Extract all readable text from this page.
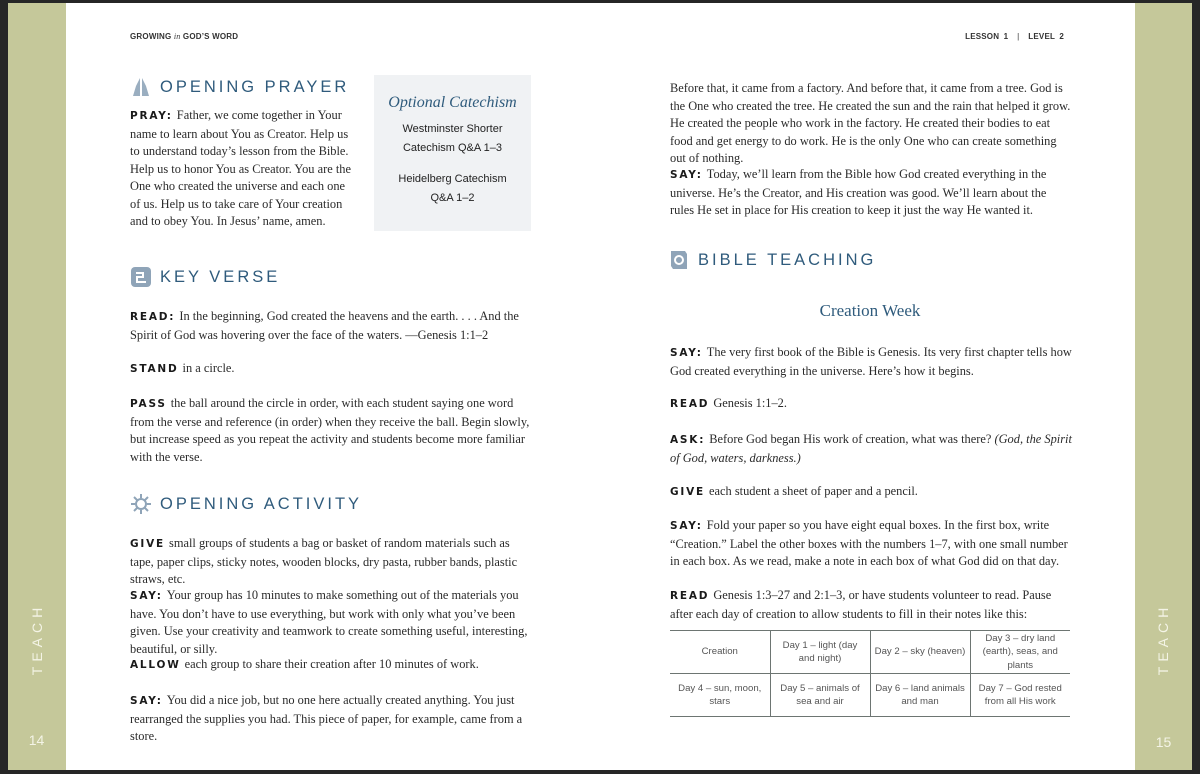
TEACH
14
GROWING in GOD’S WORD
OPENING PRAYER
PRAY: Father, we come together in Your name to learn about You as Creator. Help us to understand today’s lesson from the Bible. Help us to honor You as Creator. You are the One who created the universe and each one of us. Help us to take care of Your creation and to obey You. In Jesus’ name, amen.
Optional Catechism
Westminster Shorter Catechism Q&A 1–3
Heidelberg Catechism Q&A 1–2
KEY VERSE
READ: In the beginning, God created the heavens and the earth. . . . And the Spirit of God was hovering over the face of the waters. —Genesis 1:1–2
STAND in a circle.
PASS the ball around the circle in order, with each student saying one word from the verse and reference (in order) when they receive the ball. Begin slowly, but increase speed as you repeat the activity and students become more familiar with the verse.
OPENING ACTIVITY
GIVE small groups of students a bag or basket of random materials such as tape, paper clips, sticky notes, wooden blocks, dry pasta, rubber bands, plastic straws, etc.
SAY: Your group has 10 minutes to make something out of the materials you have. You don’t have to use everything, but work with only what you’ve been given. Use your creativity and teamwork to create something useful, interesting, beautiful, or silly.
ALLOW each group to share their creation after 10 minutes of work.
SAY: You did a nice job, but no one here actually created anything. You just rearranged the supplies you had. This piece of paper, for example, came from a store.
TEACH
15
LESSON 1 | LEVEL 2
Before that, it came from a factory. And before that, it came from a tree. God is the One who created the tree. He created the sun and the rain that helped it grow. He created the people who work in the factory. He created their bodies to eat food and get energy to do work. He is the only One who can create something out of nothing.
SAY: Today, we’ll learn from the Bible how God created everything in the universe. He’s the Creator, and His creation was good. We’ll learn about the rules He set in place for His creation to keep it just the way He wanted it.
BIBLE TEACHING
Creation Week
SAY: The very first book of the Bible is Genesis. Its very first chapter tells how God created everything in the universe. Here’s how it begins.
READ Genesis 1:1–2.
ASK: Before God began His work of creation, what was there? (God, the Spirit of God, waters, darkness.)
GIVE each student a sheet of paper and a pencil.
SAY: Fold your paper so you have eight equal boxes. In the first box, write “Creation.” Label the other boxes with the numbers 1–7, with one small number in each box. As we read, make a note in each box of what God did on that day.
READ Genesis 1:3–27 and 2:1–3, or have students volunteer to read. Pause after each day of creation to allow students to fill in their notes like this:
Creation	Day 1 – light (day and night)	Day 2 – sky (heaven)	Day 3 – dry land (earth), seas, and plants
Day 4 – sun, moon, stars	Day 5 – animals of sea and air	Day 6 – land animals and man	Day 7 – God rested from all His work
